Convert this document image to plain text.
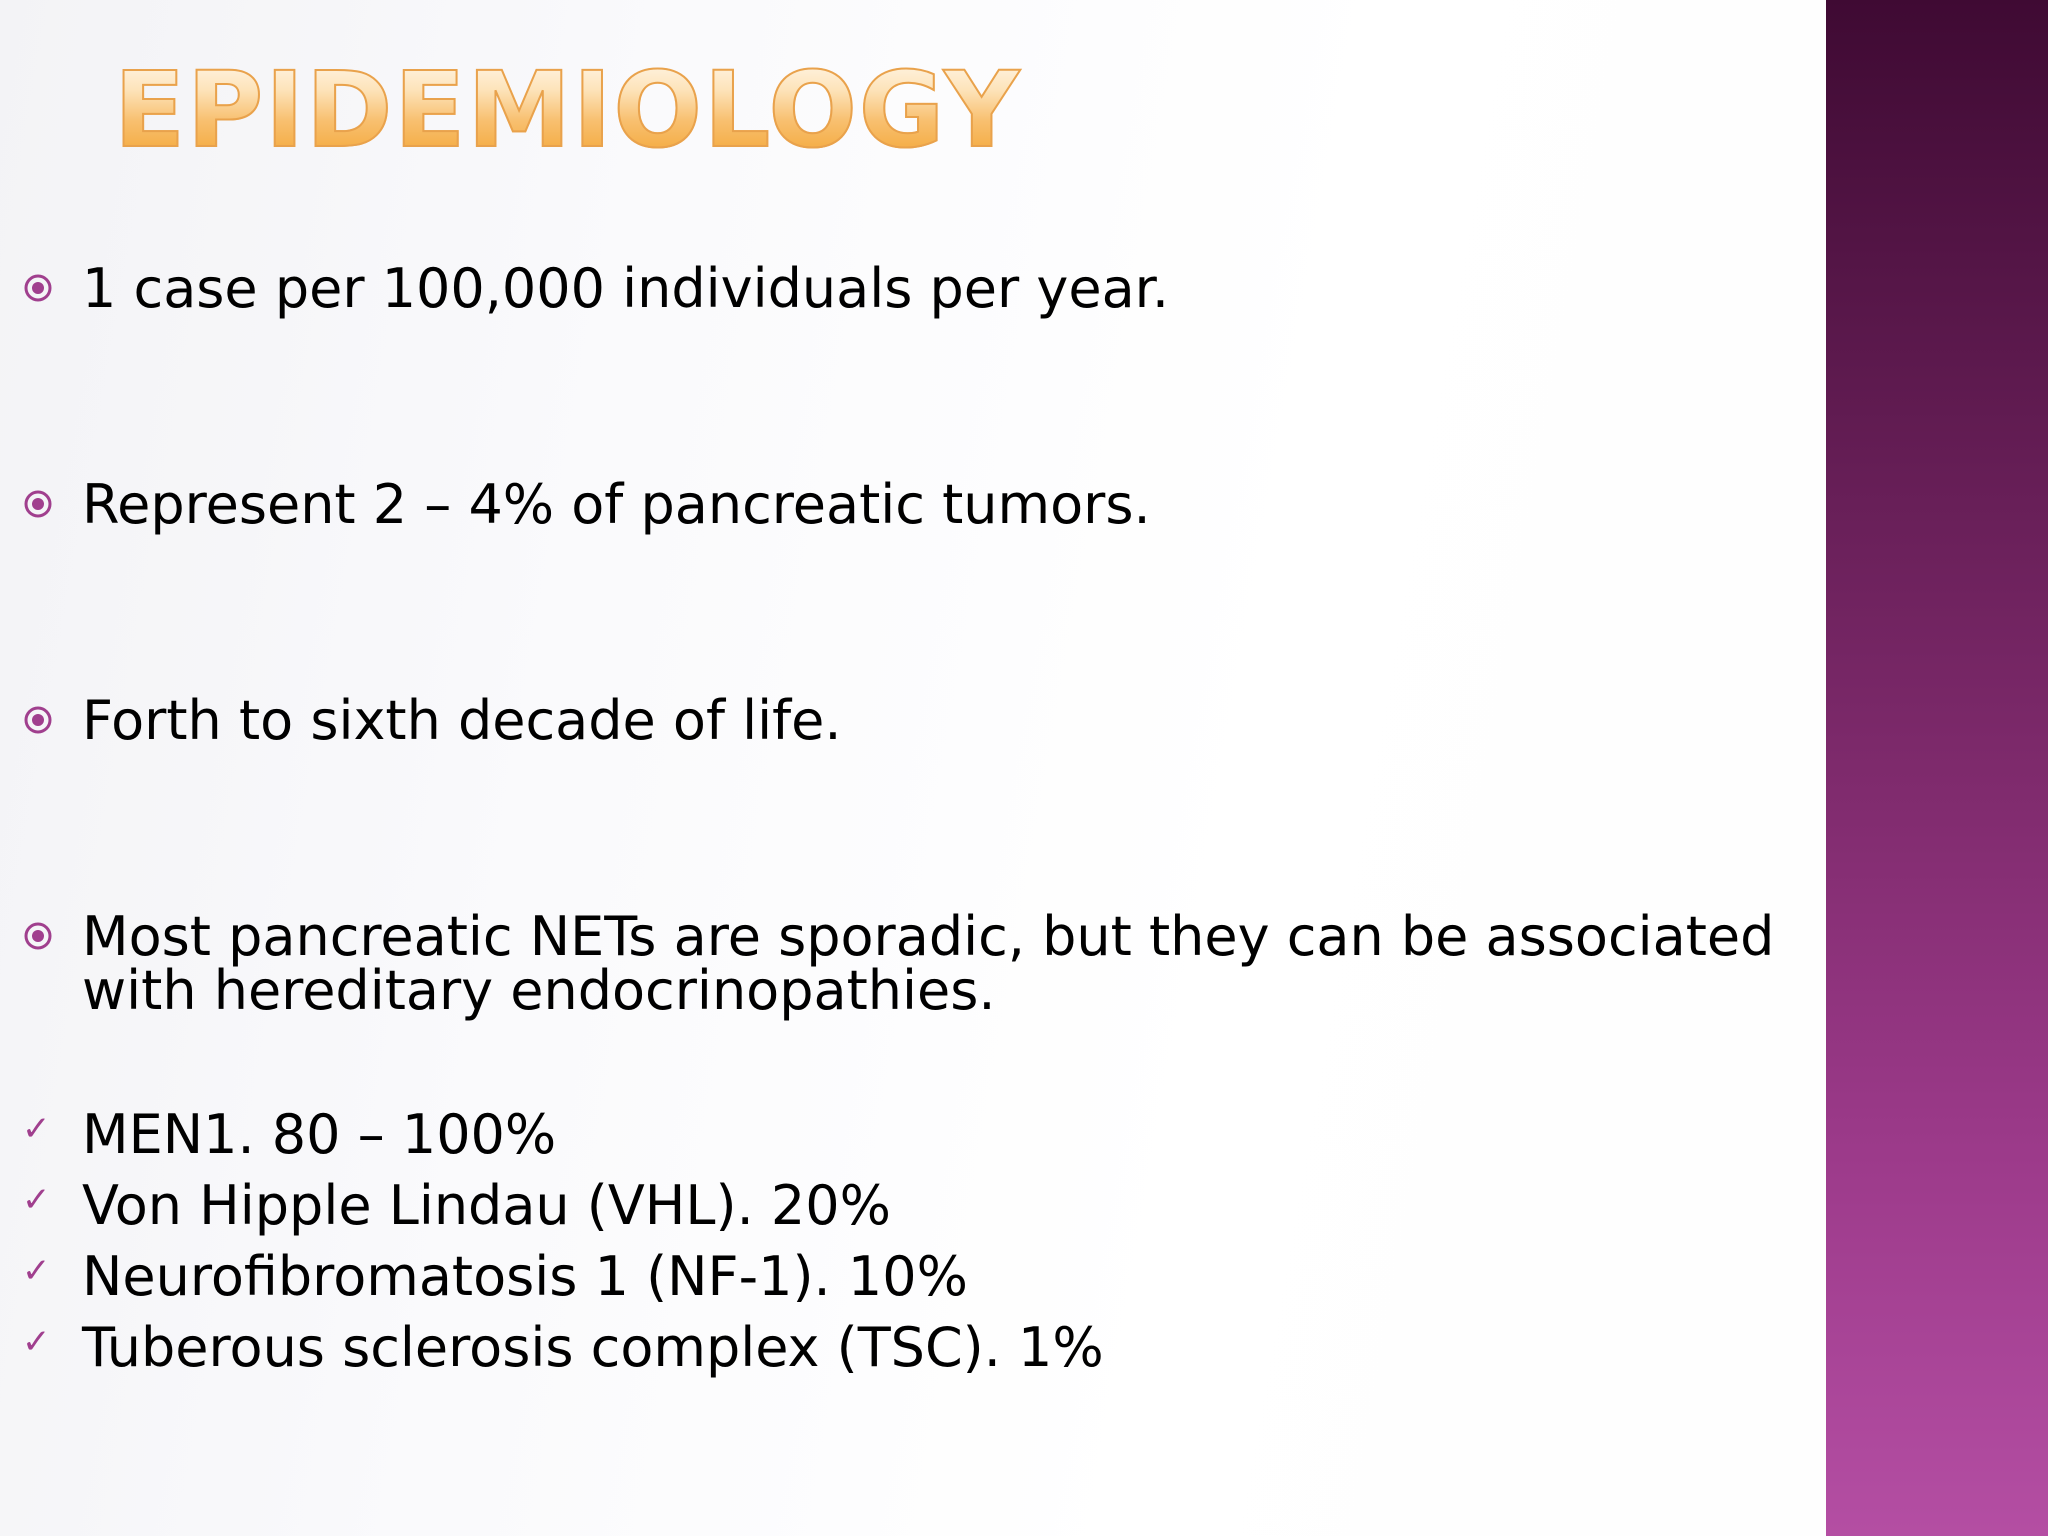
EPIDEMIOLOGY

1 case per 100,000 individuals per year.

Represent 2 – 4% of pancreatic tumors.

Forth to sixth decade of life.

Most pancreatic NETs are sporadic, but they can be associated with hereditary endocrinopathies.

✓ MEN1. 80 – 100%

✓ Von Hipple Lindau (VHL). 20%

✓ Neurofibromatosis 1 (NF-1). 10%

✓ Tuberous sclerosis complex (TSC). 1%
